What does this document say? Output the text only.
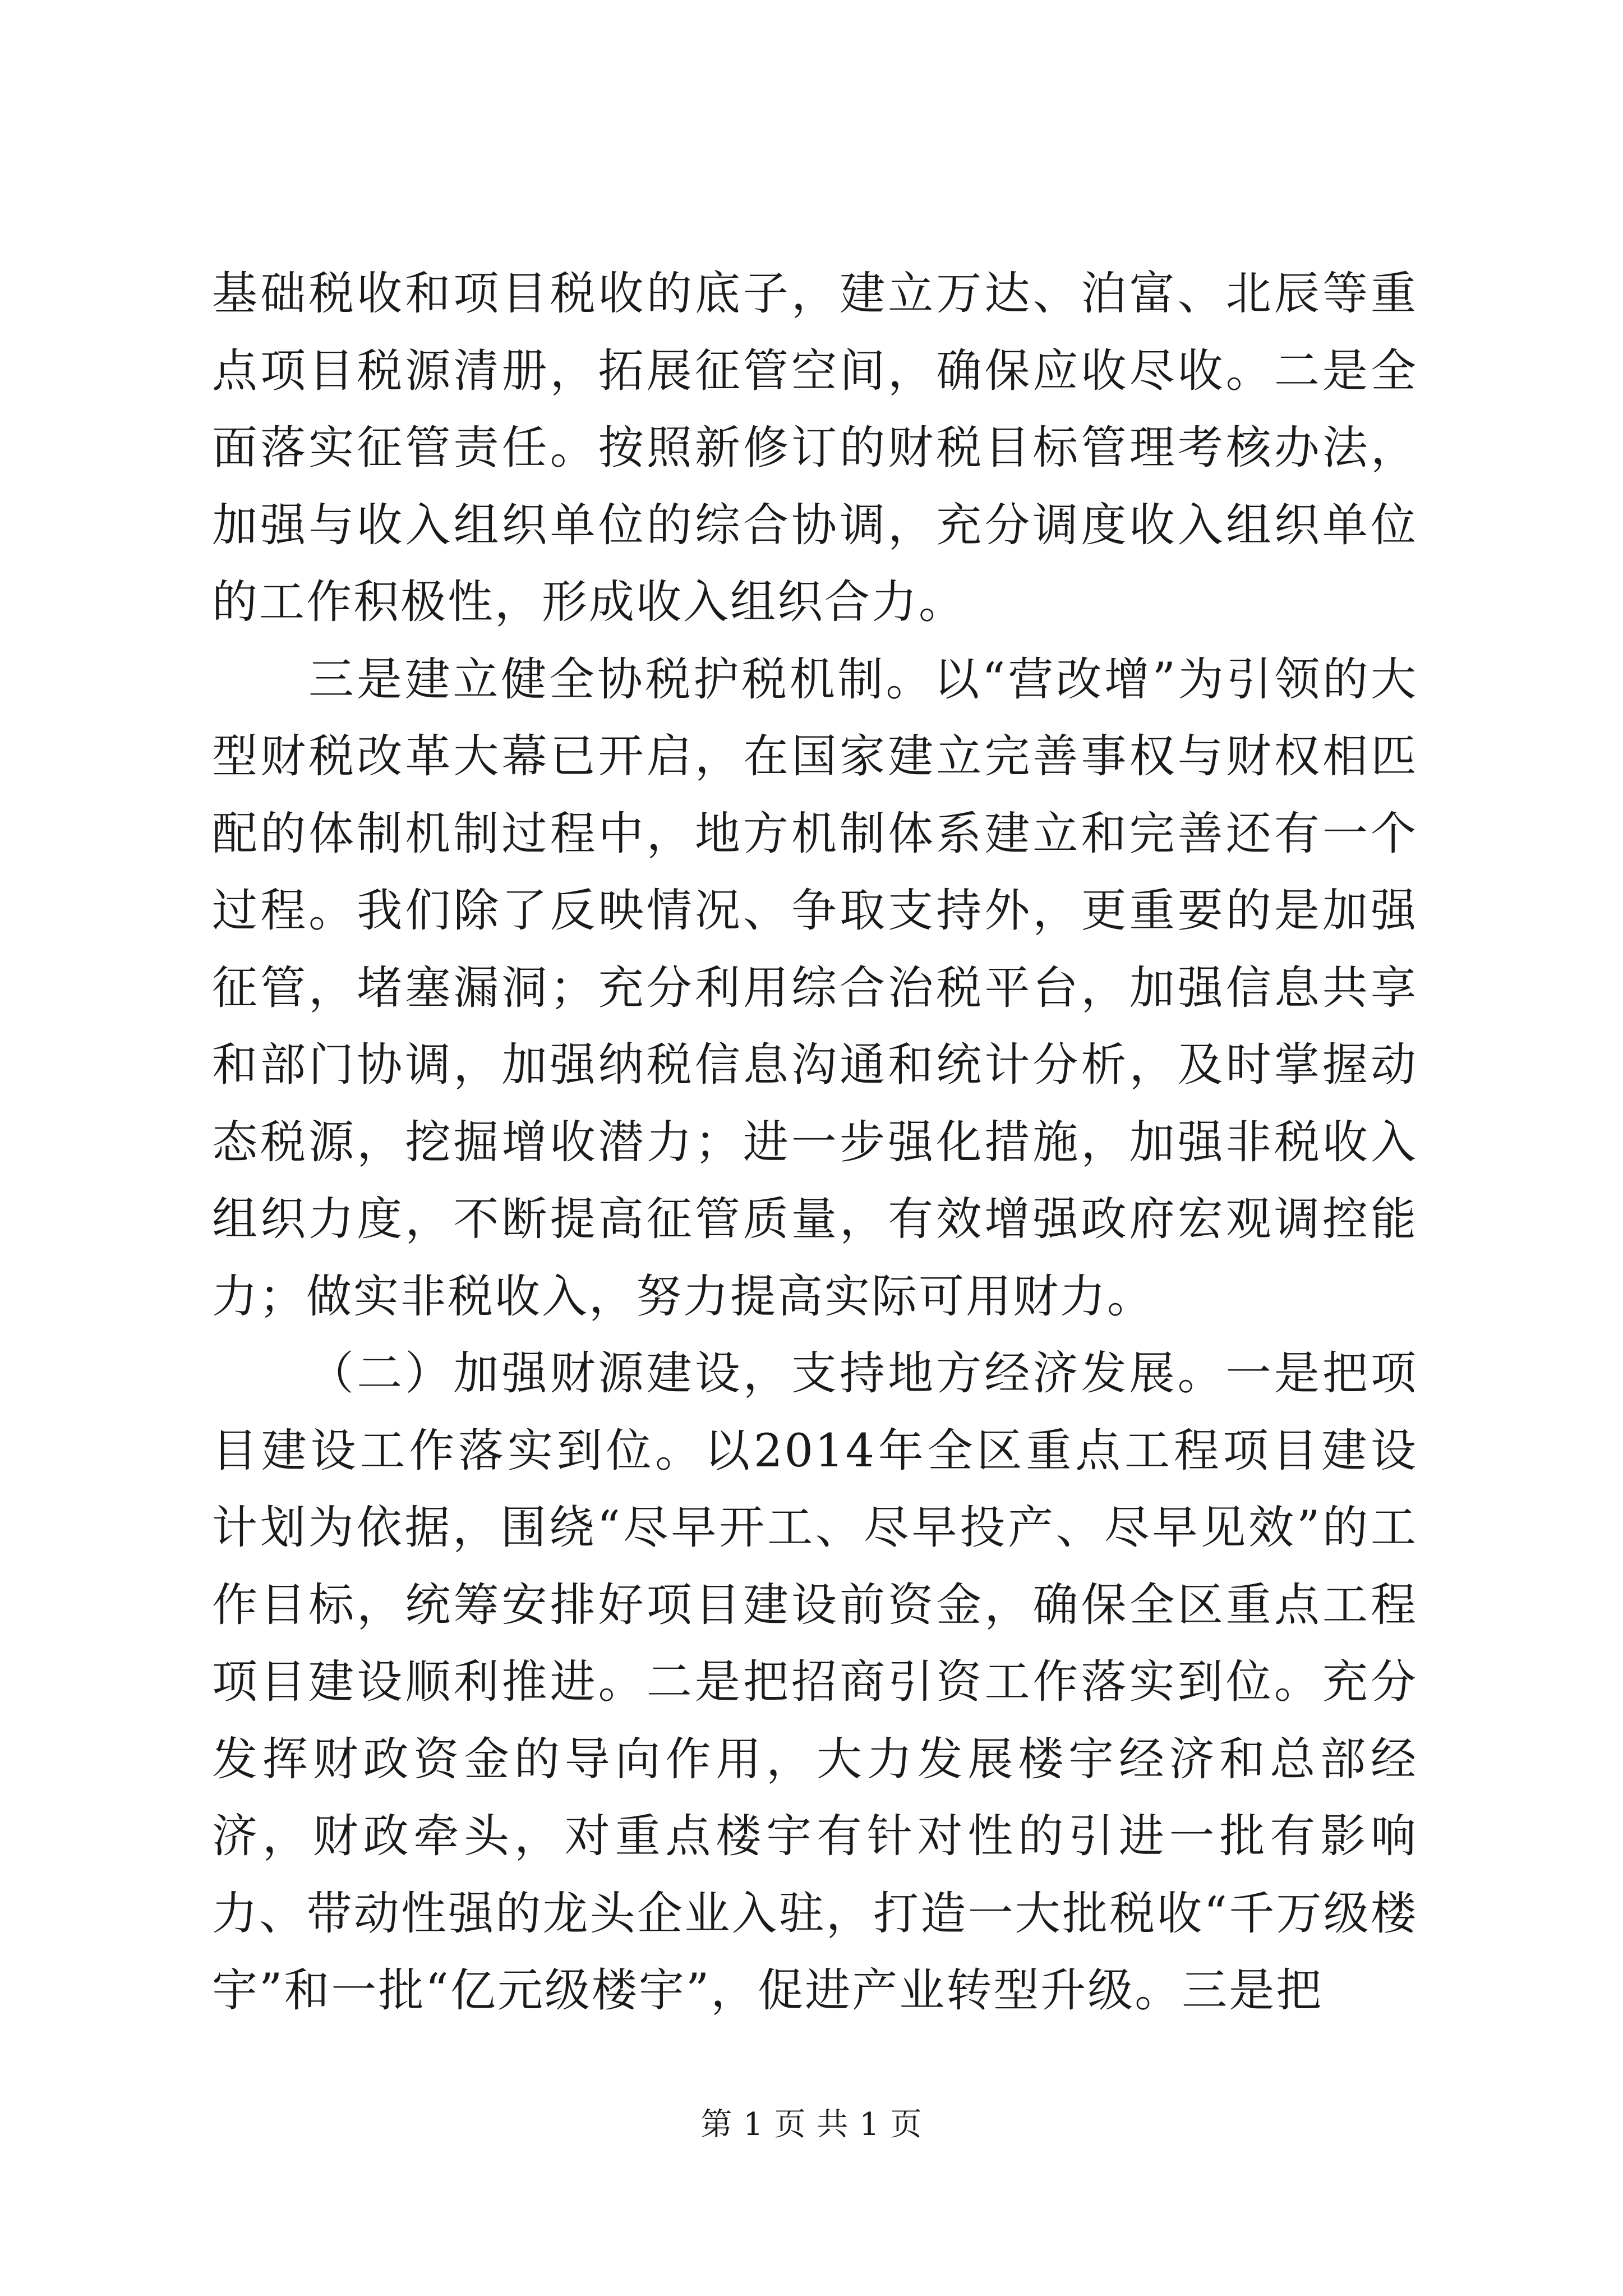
基础税收和项目税收的底子，建立万达、泊富、北辰等重点项目税源清册，拓展征管空间，确保应收尽收。二是全面落实征管责任。按照新修订的财税目标管理考核办法，加强与收入组织单位的综合协调，充分调度收入组织单位的工作积极性，形成收入组织合力。

三是建立健全协税护税机制。以“营改增”为引领的大型财税改革大幕已开启，在国家建立完善事权与财权相匹配的体制机制过程中，地方机制体系建立和完善还有一个过程。我们除了反映情况、争取支持外，更重要的是加强征管，堵塞漏洞；充分利用综合治税平台，加强信息共享和部门协调，加强纳税信息沟通和统计分析，及时掌握动态税源，挖掘增收潜力；进一步强化措施，加强非税收入组织力度，不断提高征管质量，有效增强政府宏观调控能力；做实非税收入，努力提高实际可用财力。

（二）加强财源建设，支持地方经济发展。一是把项目建设工作落实到位。以2014年全区重点工程项目建设计划为依据，围绕“尽早开工、尽早投产、尽早见效”的工作目标，统筹安排好项目建设前资金，确保全区重点工程项目建设顺利推进。二是把招商引资工作落实到位。充分发挥财政资金的导向作用，大力发展楼宇经济和总部经济，财政牵头，对重点楼宇有针对性的引进一批有影响力、带动性强的龙头企业入驻，打造一大批税收“千万级楼宇”和一批“亿元级楼宇”，促进产业转型升级。三是把

第 1 页 共 1 页
